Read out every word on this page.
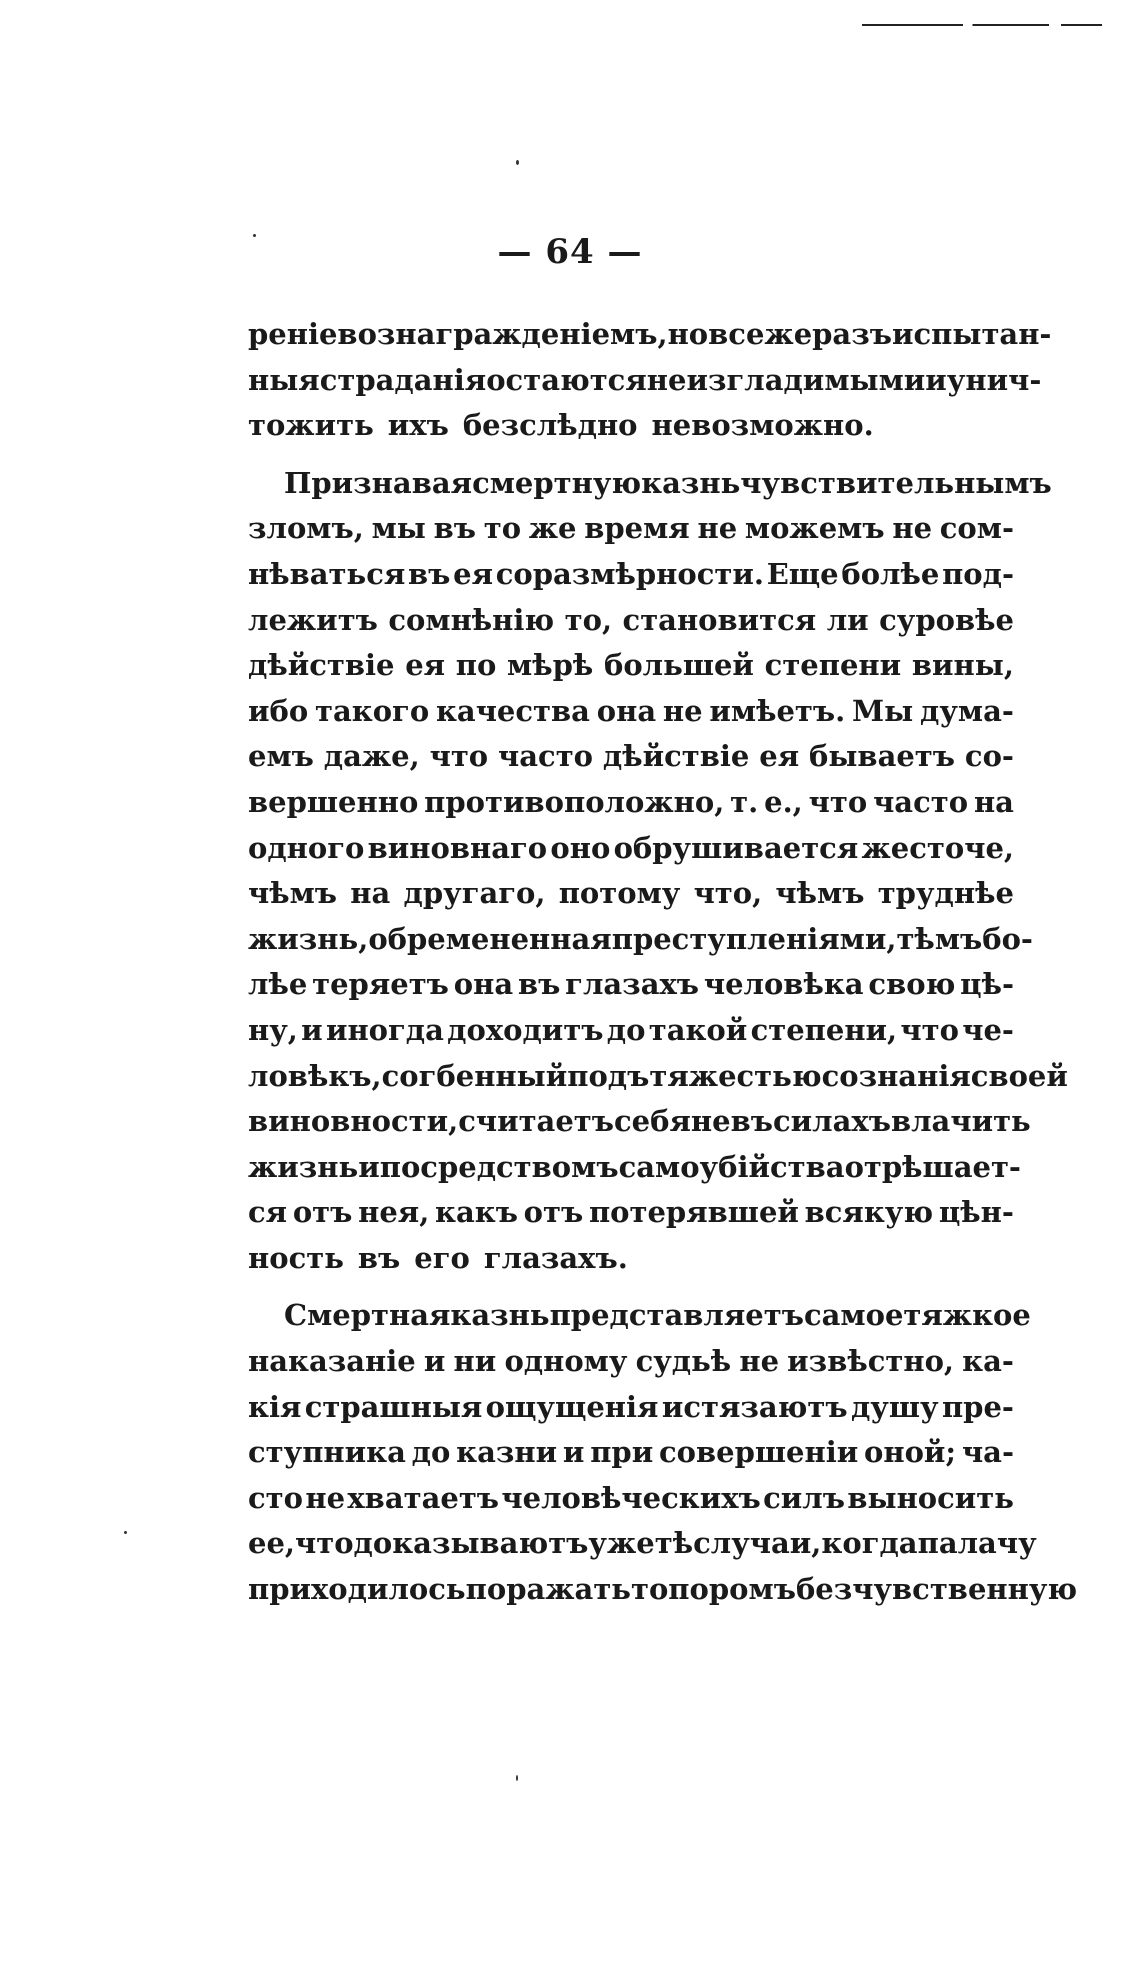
— 64 —
реніе вознагражденіемъ, но все же разъ испытан-
ныя страданія остаются неизгладимыми и унич-
тожить ихъ безслѣдно невозможно.
Признавая смертную казнь чувствительнымъ
зломъ, мы въ то же время не можемъ не сом-
нѣваться въ ея соразмѣрности. Еще болѣе под-
лежитъ сомнѣнію то, становится ли суровѣе
дѣйствіе ея по мѣрѣ большей степени вины,
ибо такого качества она не имѣетъ. Мы дума-
емъ даже, что часто дѣйствіе ея бываетъ со-
вершенно противоположно, т. е., что часто на
одного виновнаго оно обрушивается жесточе,
чѣмъ на другаго, потому что, чѣмъ труднѣе
жизнь, обремененная преступленіями, тѣмъ бо-
лѣе теряетъ она въ глазахъ человѣка свою цѣ-
ну, и иногда доходитъ до такой степени, что че-
ловѣкъ, согбенный подъ тяжестью сознанія своей
виновности, считаетъ себя не въ силахъ влачить
жизнь и посредствомъ самоубійства отрѣшает-
ся отъ нея, какъ отъ потерявшей всякую цѣн-
ность въ его глазахъ.
Смертная казнь представляетъ самое тяжкое
наказаніе и ни одному судьѣ не извѣстно, ка-
кія страшныя ощущенія истязаютъ душу пре-
ступника до казни и при совершеніи оной; ча-
сто не хватаетъ человѣческихъ силъ выносить
ее, что доказываютъ уже тѣ случаи, когда палачу
приходилось поражать топоромъ безчувственную
